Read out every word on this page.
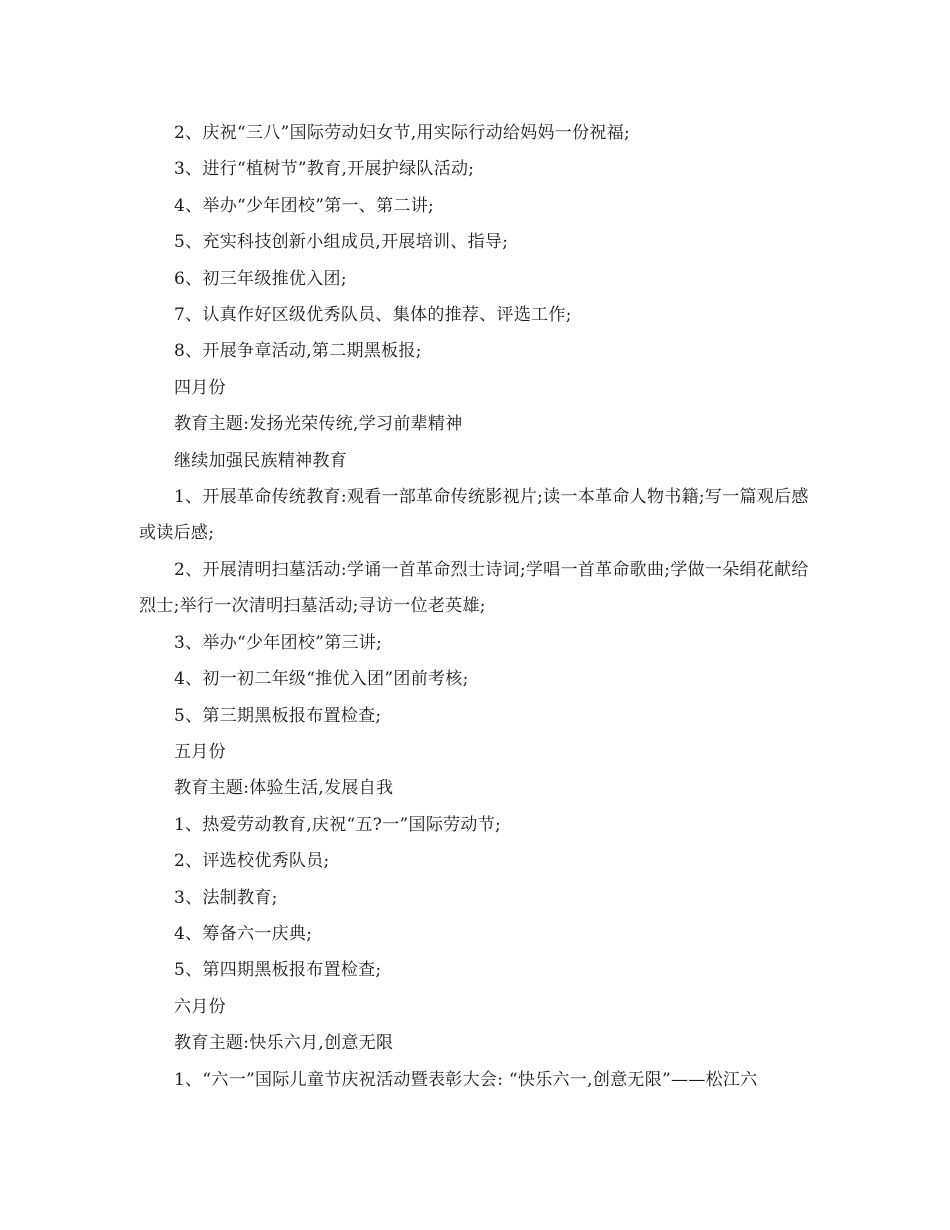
2、庆祝“三八”国际劳动妇女节,用实际行动给妈妈一份祝福;

3、进行“植树节”教育,开展护绿队活动;

4、举办“少年团校”第一、第二讲;

5、充实科技创新小组成员,开展培训、指导;

6、初三年级推优入团;

7、认真作好区级优秀队员、集体的推荐、评选工作;

8、开展争章活动,第二期黑板报;

四月份

教育主题:发扬光荣传统,学习前辈精神

继续加强民族精神教育

1、开展革命传统教育:观看一部革命传统影视片;读一本革命人物书籍;写一篇观后感或读后感;

2、开展清明扫墓活动:学诵一首革命烈士诗词;学唱一首革命歌曲;学做一朵绢花献给烈士;举行一次清明扫墓活动;寻访一位老英雄;

3、举办“少年团校”第三讲;

4、初一初二年级“推优入团”团前考核;

5、第三期黑板报布置检查;

五月份

教育主题:体验生活,发展自我

1、热爱劳动教育,庆祝“五?一”国际劳动节;

2、评选校优秀队员;

3、法制教育;

4、筹备六一庆典;

5、第四期黑板报布置检查;

六月份

教育主题:快乐六月,创意无限

1、“六一”国际儿童节庆祝活动暨表彰大会: “快乐六一,创意无限”——松江六
